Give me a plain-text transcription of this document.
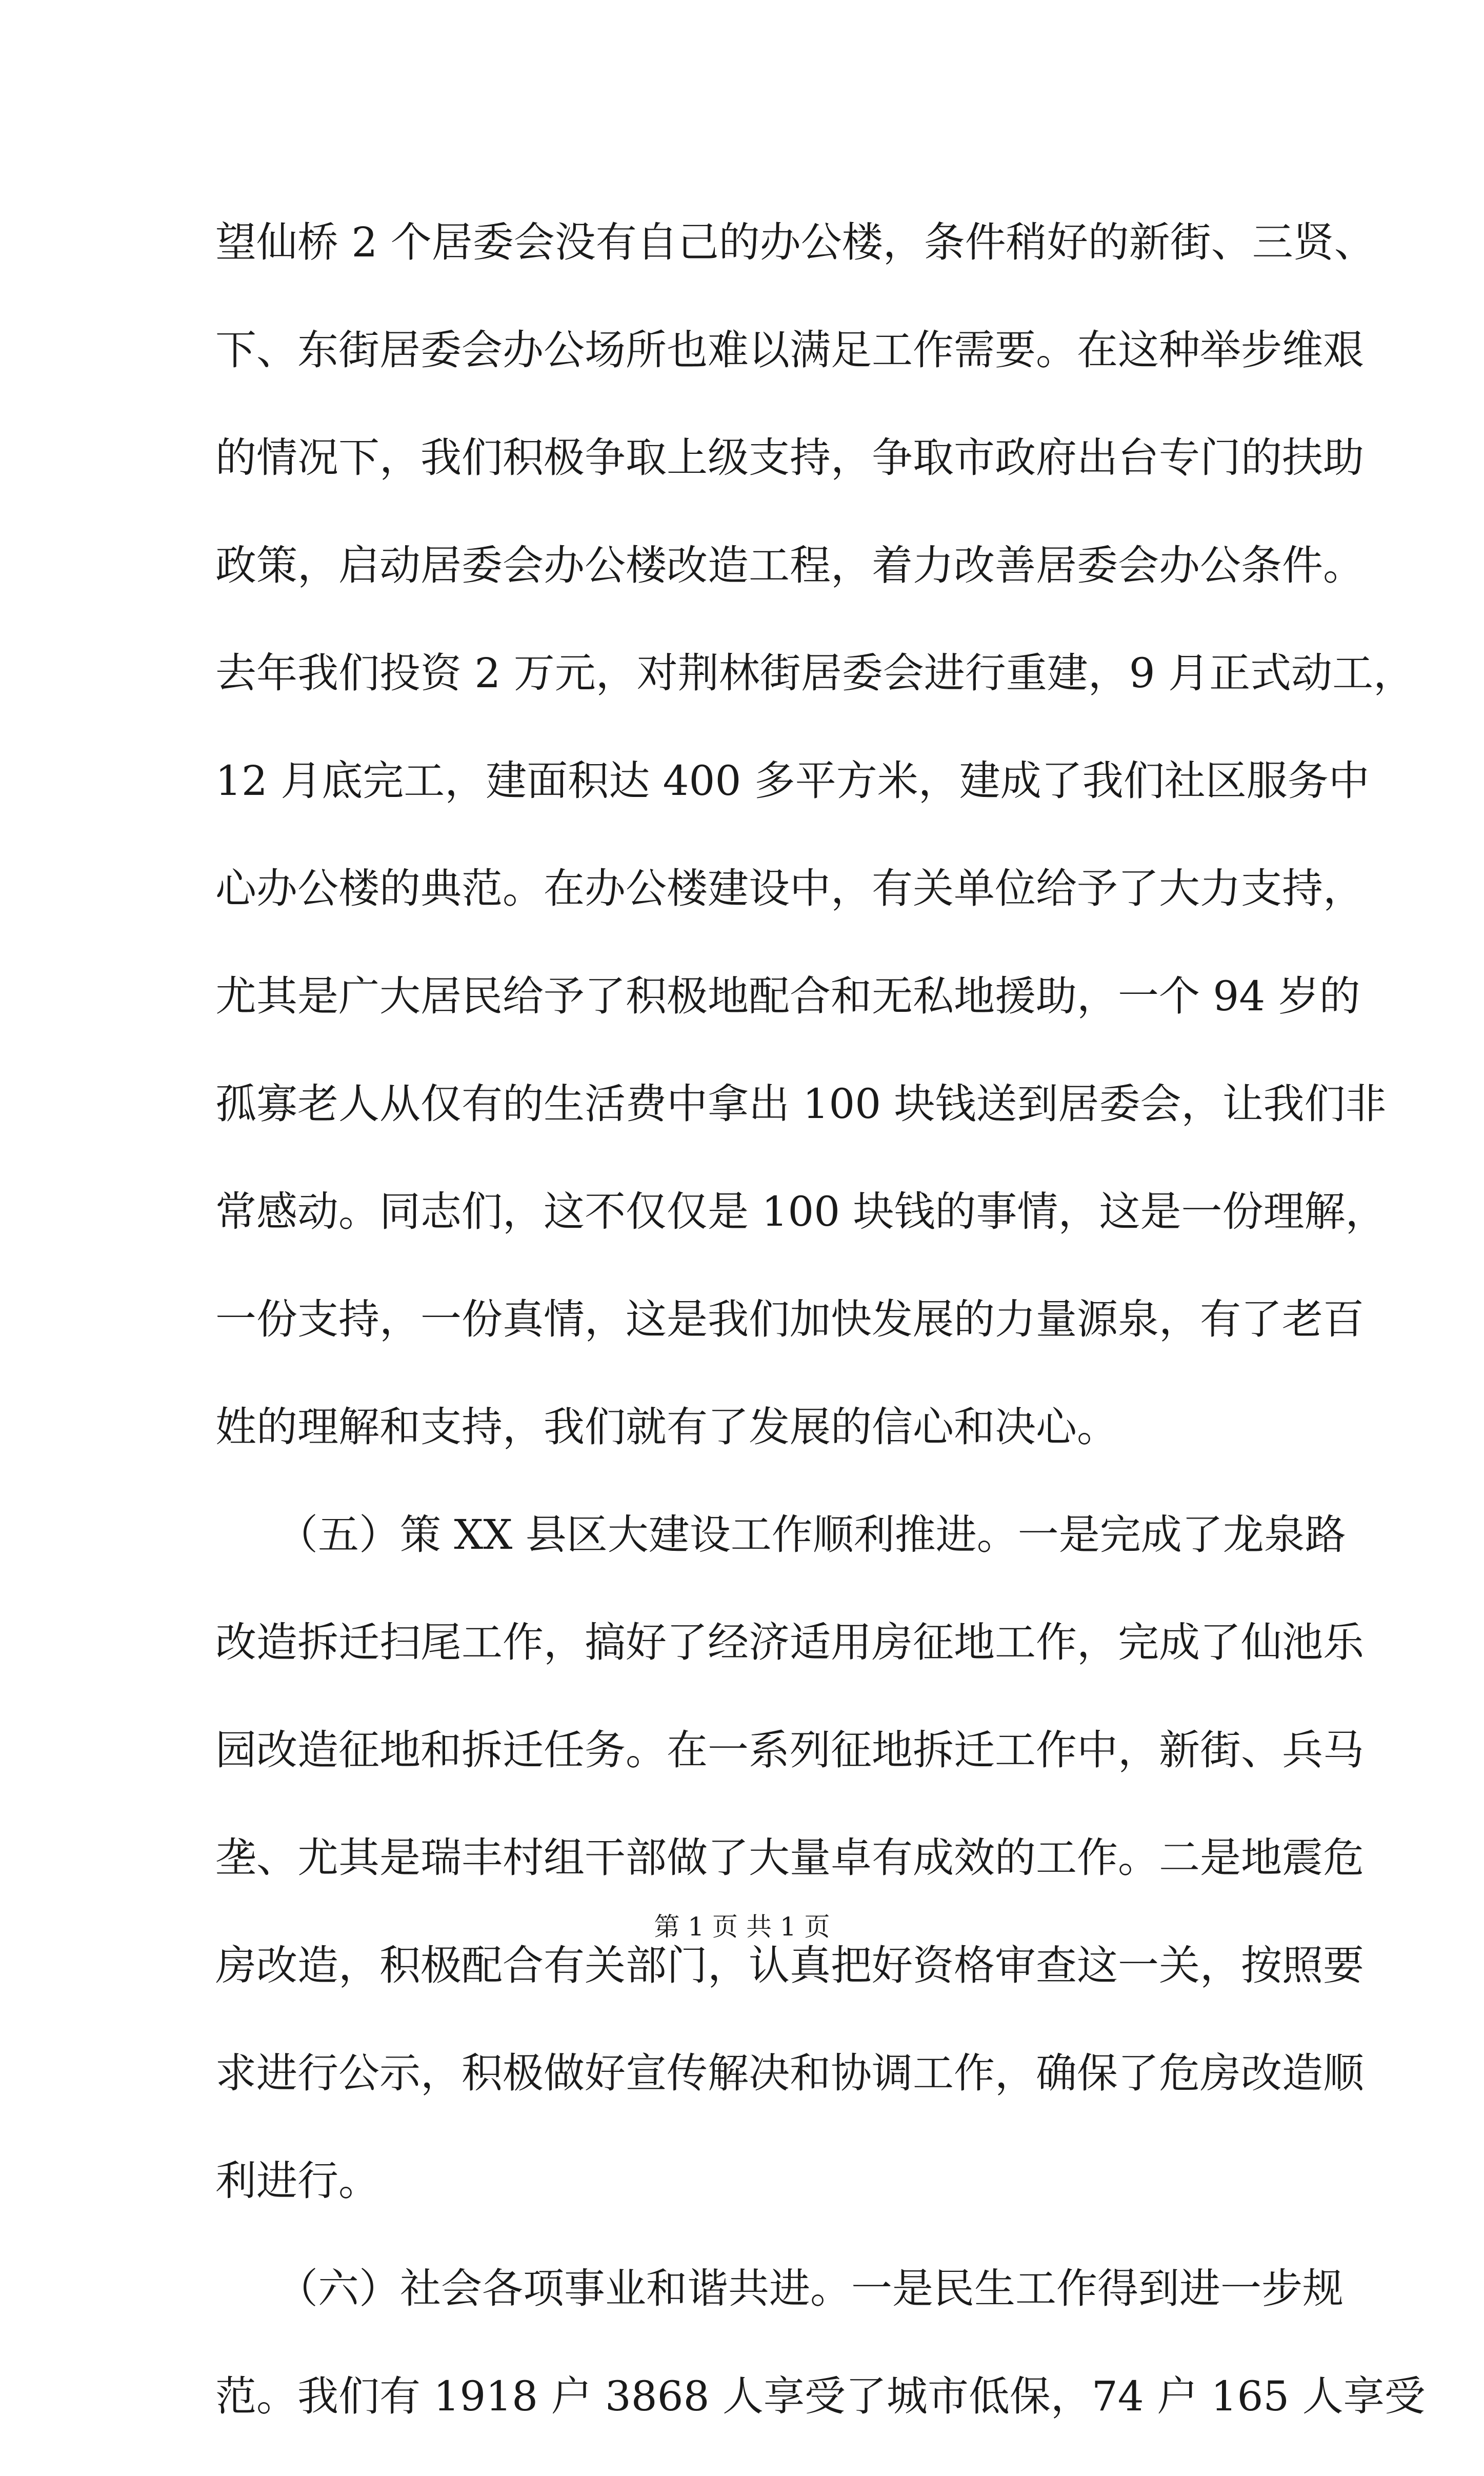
望仙桥 2 个居委会没有自己的办公楼，条件稍好的新街、三贤、
下、东街居委会办公场所也难以满足工作需要。在这种举步维艰
的情况下，我们积极争取上级支持，争取市政府出台专门的扶助
政策，启动居委会办公楼改造工程，着力改善居委会办公条件。
去年我们投资 2 万元，对荆林街居委会进行重建，9 月正式动工，
12 月底完工，建面积达 400 多平方米，建成了我们社区服务中
心办公楼的典范。在办公楼建设中，有关单位给予了大力支持，
尤其是广大居民给予了积极地配合和无私地援助，一个 94 岁的
孤寡老人从仅有的生活费中拿出 100 块钱送到居委会，让我们非
常感动。同志们，这不仅仅是 100 块钱的事情，这是一份理解，
一份支持，一份真情，这是我们加快发展的力量源泉，有了老百
姓的理解和支持，我们就有了发展的信心和决心。
　　（五）策 XX 县区大建设工作顺利推进。一是完成了龙泉路
改造拆迁扫尾工作，搞好了经济适用房征地工作，完成了仙池乐
园改造征地和拆迁任务。在一系列征地拆迁工作中，新街、兵马
垄、尤其是瑞丰村组干部做了大量卓有成效的工作。二是地震危
房改造，积极配合有关部门，认真把好资格审查这一关，按照要
求进行公示，积极做好宣传解决和协调工作，确保了危房改造顺
利进行。
　　（六）社会各项事业和谐共进。一是民生工作得到进一步规
范。我们有 1918 户 3868 人享受了城市低保，74 户 165 人享受
第 1 页 共 1 页
